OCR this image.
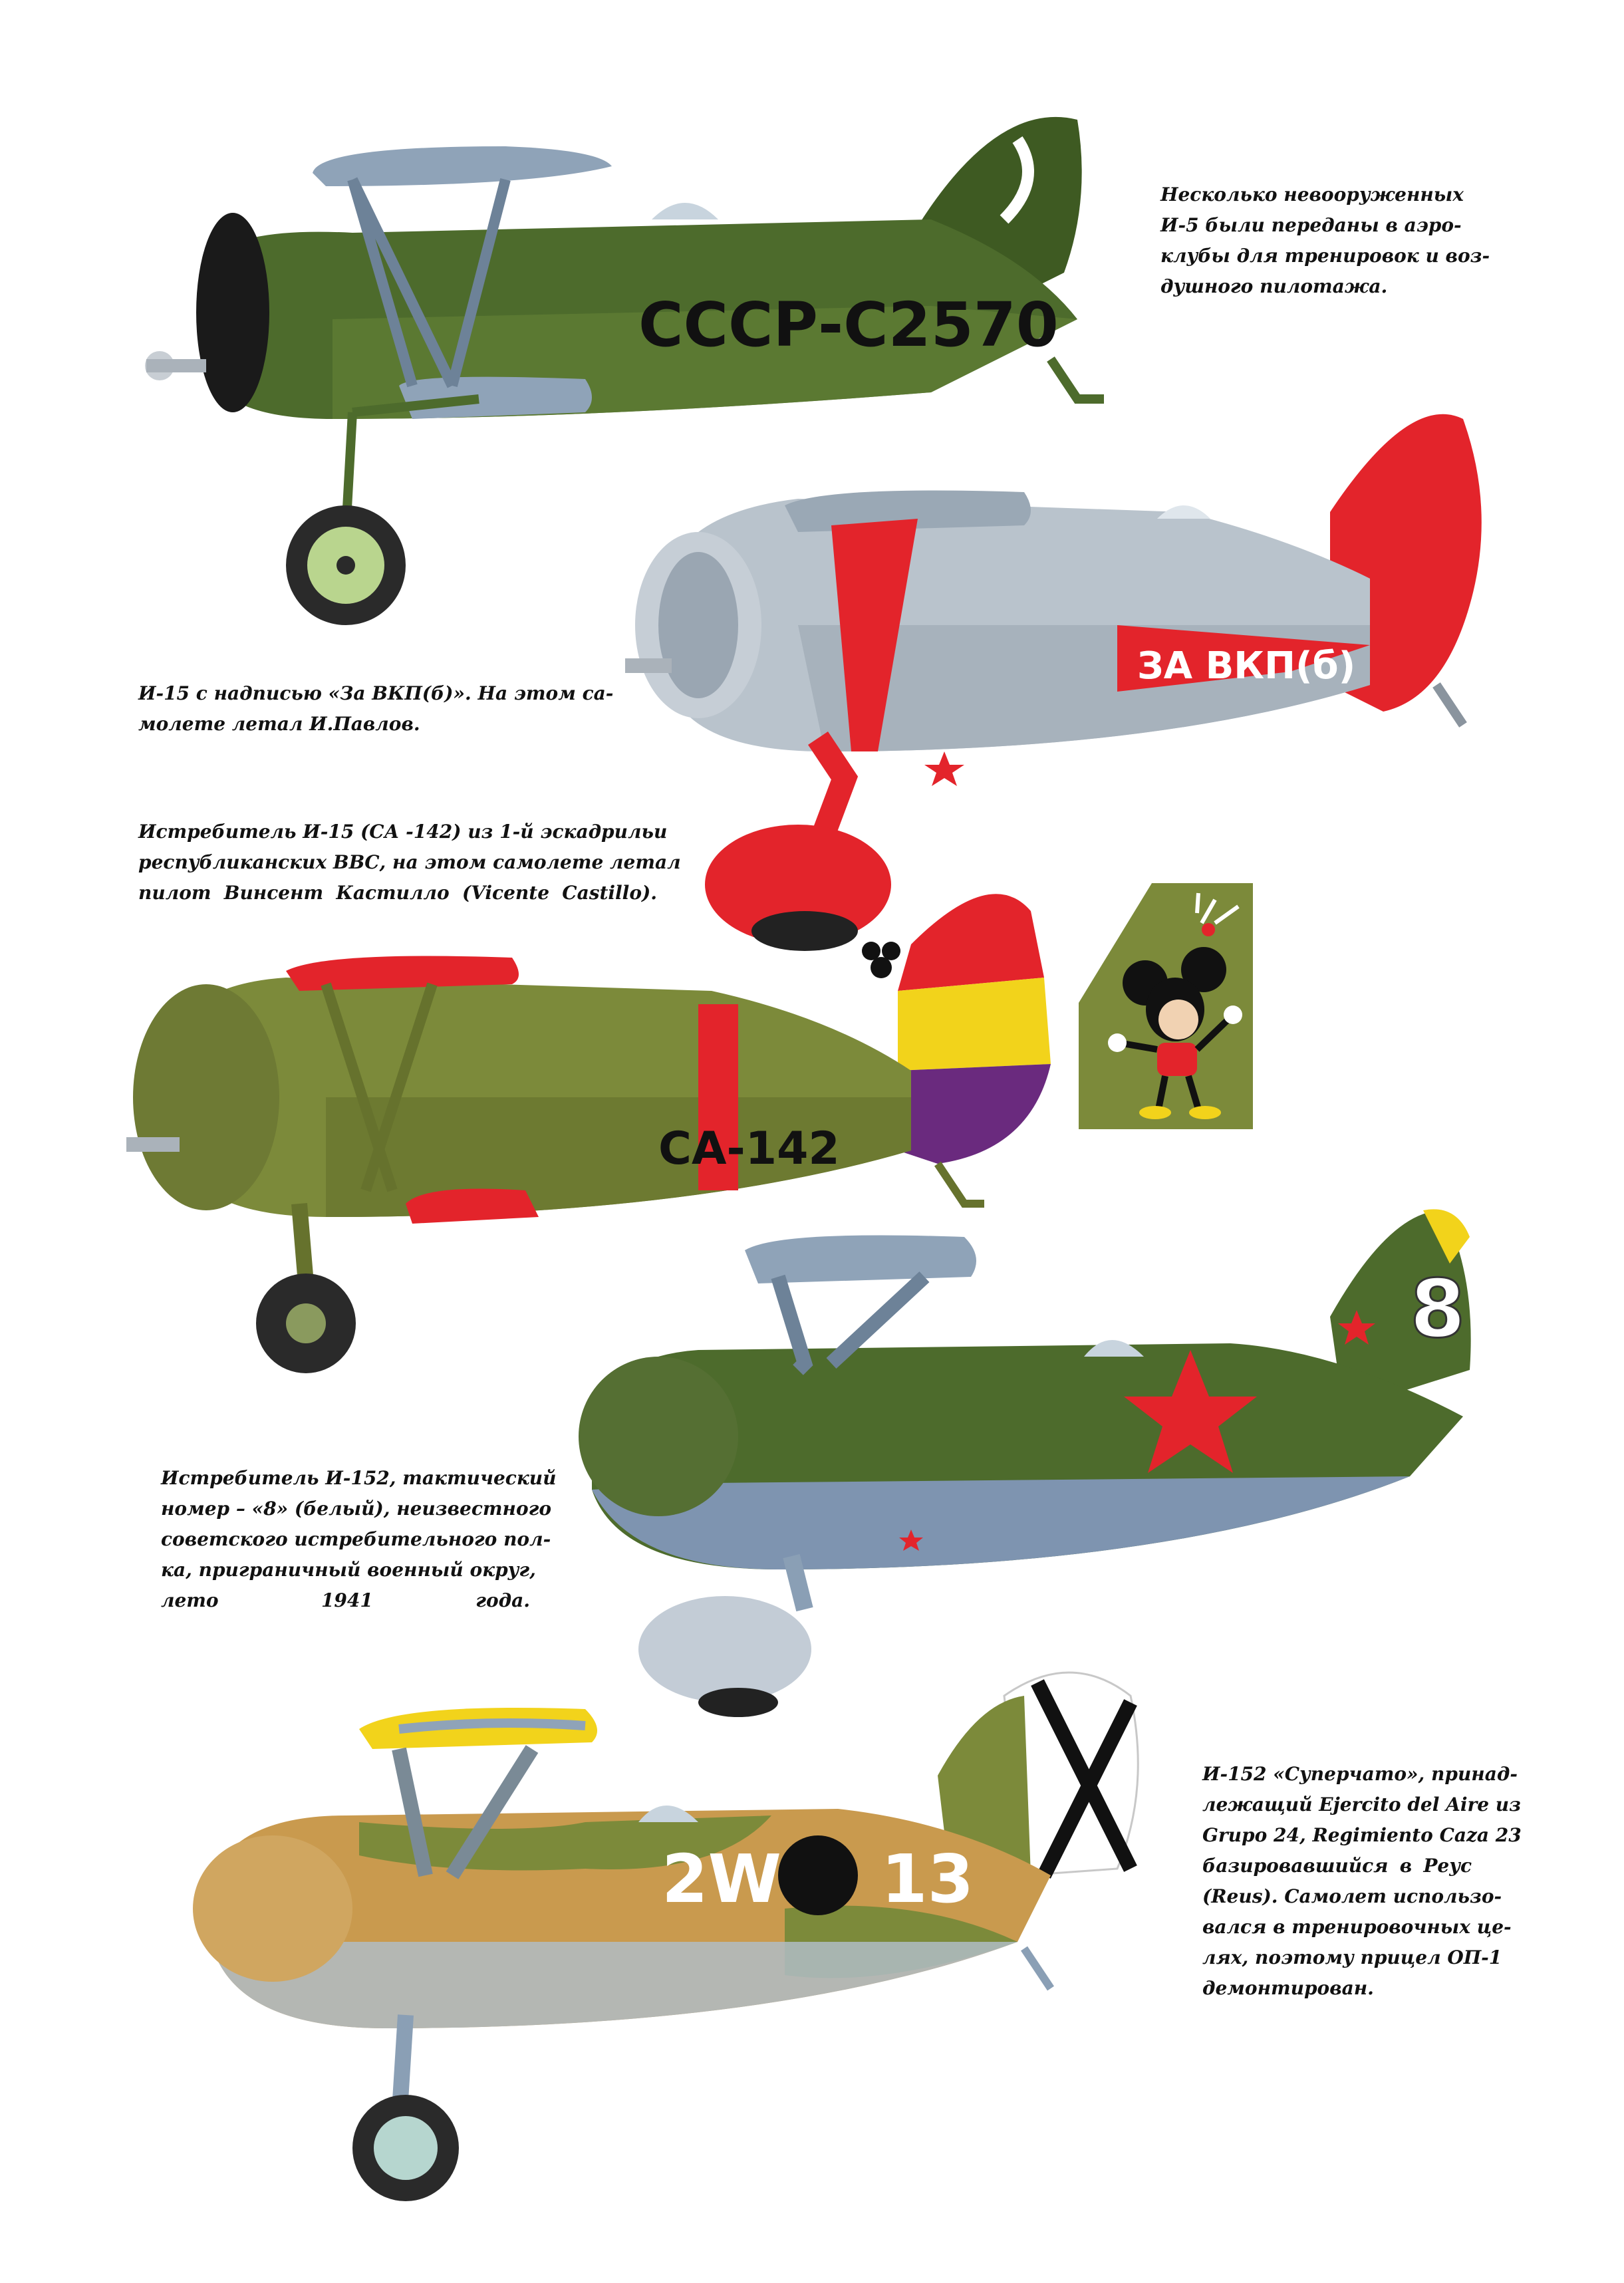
СССР-С2570
Несколько невооруженных
И-5 были переданы в аэро-
клубы для тренировок и воз-
душного пилотажа.
ЗА ВКП(б)
И-15 с надписью «За ВКП(б)». На этом са-
молете летал И.Павлов.
Истребитель И-15 (СА -142) из 1-й эскадрильи
республиканских ВВС, на этом самолете летал
пилот Винсент Кастилло (Vicente Castillo).
СА-142
8
Истребитель И-152, тактический
номер – «8» (белый), неизвестного
советского истребительного пол-
ка, приграничный военный округ,
лето 1941 года.
2W 13
И-152 «Суперчато», принад-
лежащий Ejercito del Aire из
Grupo 24, Regimiento Caza 23
базировавшийся в Реус
(Reus). Самолет использо-
вался в тренировочных це-
лях, поэтому прицел ОП-1
демонтирован.
